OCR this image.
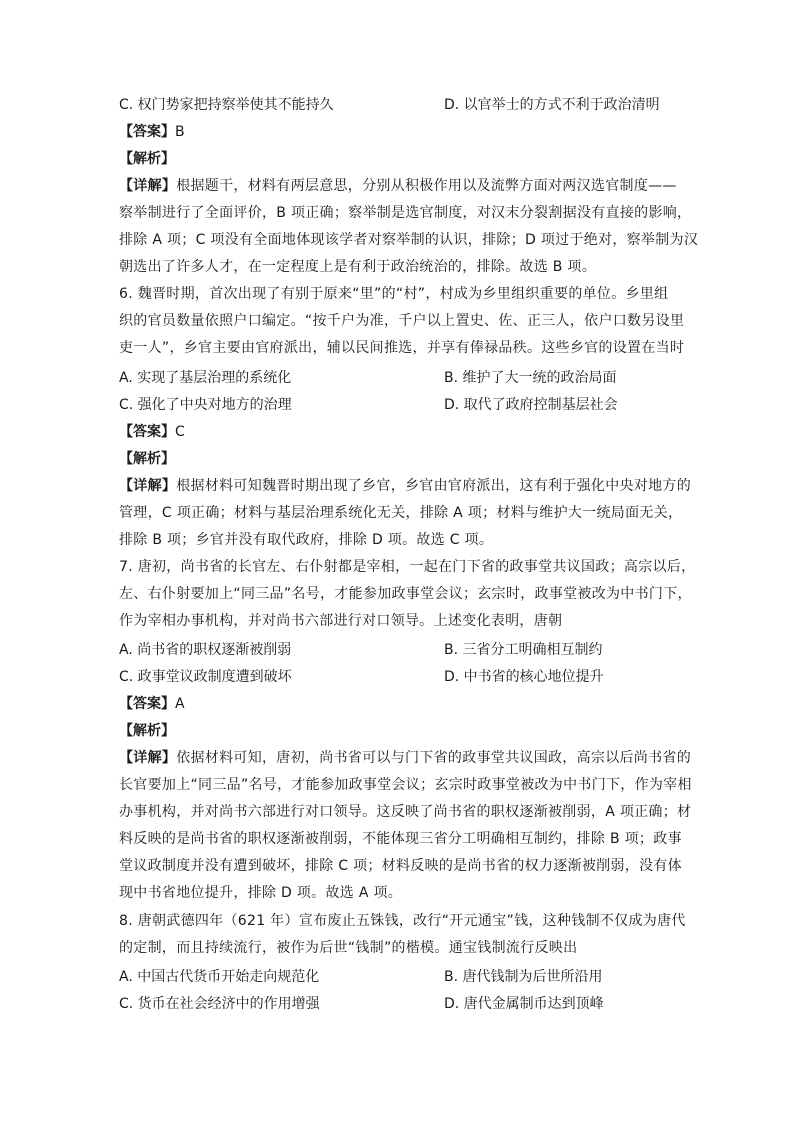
C. 权门势家把持察举使其不能持久	D. 以官举士的方式不利于政治清明
【答案】B
【解析】
【详解】根据题干，材料有两层意思，分别从积极作用以及流弊方面对两汉选官制度——
察举制进行了全面评价，B 项正确；察举制是选官制度，对汉末分裂割据没有直接的影响，
排除 A 项；C 项没有全面地体现该学者对察举制的认识，排除；D 项过于绝对，察举制为汉
朝选出了许多人才，在一定程度上是有利于政治统治的，排除。故选 B 项。
6. 魏晋时期，首次出现了有别于原来“里”的“村”，村成为乡里组织重要的单位。乡里组
织的官员数量依照户口编定。“按千户为准，千户以上置史、佐、正三人，依户口数另设里
吏一人”，乡官主要由官府派出，辅以民间推选，并享有俸禄品秩。这些乡官的设置在当时
A. 实现了基层治理的系统化	B. 维护了大一统的政治局面
C. 强化了中央对地方的治理	D. 取代了政府控制基层社会
【答案】C
【解析】
【详解】根据材料可知魏晋时期出现了乡官，乡官由官府派出，这有利于强化中央对地方的
管理，C 项正确；材料与基层治理系统化无关，排除 A 项；材料与维护大一统局面无关，
排除 B 项；乡官并没有取代政府，排除 D 项。故选 C 项。
7. 唐初，尚书省的长官左、右仆射都是宰相，一起在门下省的政事堂共议国政；高宗以后，
左、右仆射要加上“同三品”名号，才能参加政事堂会议；玄宗时，政事堂被改为中书门下，
作为宰相办事机构，并对尚书六部进行对口领导。上述变化表明，唐朝
A. 尚书省的职权逐渐被削弱	B. 三省分工明确相互制约
C. 政事堂议政制度遭到破坏	D. 中书省的核心地位提升
【答案】A
【解析】
【详解】依据材料可知，唐初，尚书省可以与门下省的政事堂共议国政，高宗以后尚书省的
长官要加上“同三品”名号，才能参加政事堂会议；玄宗时政事堂被改为中书门下，作为宰相
办事机构，并对尚书六部进行对口领导。这反映了尚书省的职权逐渐被削弱，A 项正确；材
料反映的是尚书省的职权逐渐被削弱，不能体现三省分工明确相互制约，排除 B 项；政事
堂议政制度并没有遭到破坏，排除 C 项；材料反映的是尚书省的权力逐渐被削弱，没有体
现中书省地位提升，排除 D 项。故选 A 项。
8. 唐朝武德四年（621 年）宣布废止五铢钱，改行“开元通宝”钱，这种钱制不仅成为唐代
的定制，而且持续流行，被作为后世“钱制”的楷模。通宝钱制流行反映出
A. 中国古代货币开始走向规范化	B. 唐代钱制为后世所沿用
C. 货币在社会经济中的作用增强	D. 唐代金属制币达到顶峰
